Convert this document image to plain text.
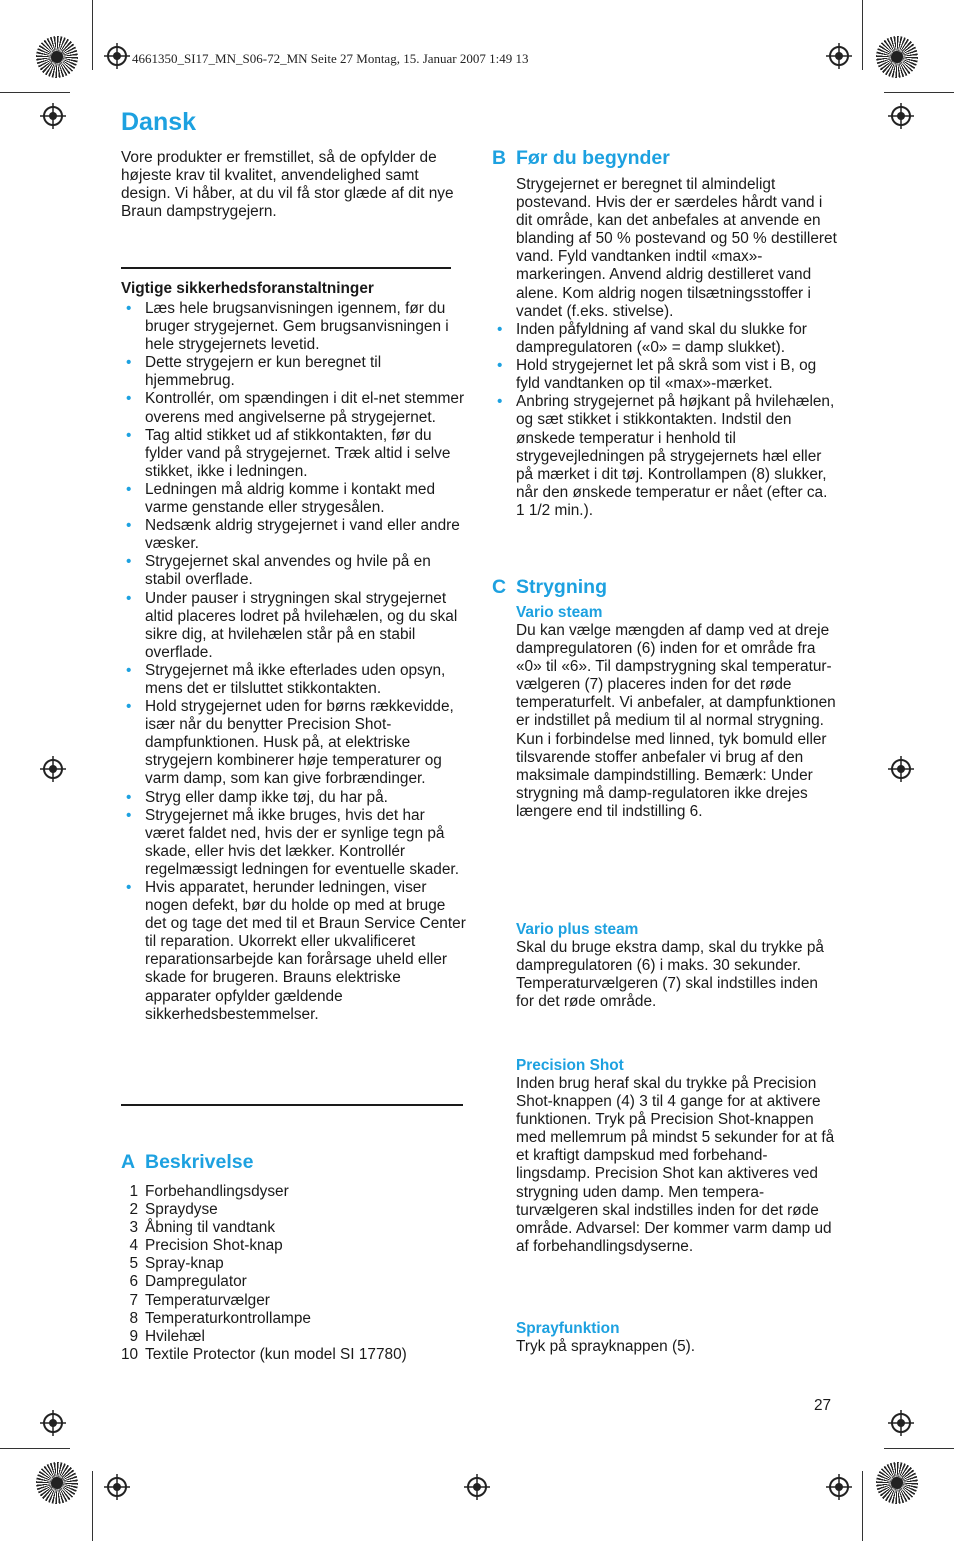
4661350_SI17_MN_S06-72_MN Seite 27 Montag, 15. Januar 2007 1:49 13
Dansk
Vore produkter er fremstillet, så de opfylder de højeste krav til kvalitet, anvendelighed samt design. Vi håber, at du vil få stor glæde af dit nye Braun dampstrygejern.
Vigtige sikkerhedsforanstaltninger
• Læs hele brugsanvisningen igennem, før du bruger strygejernet. Gem brugsanvisningen i hele strygejernets levetid.
• Dette strygejern er kun beregnet til hjemmebrug.
• Kontrollér, om spændingen i dit el-net stemmer overens med angivelserne på strygejernet.
• Tag altid stikket ud af stikkontakten, før du fylder vand på strygejernet. Træk altid i selve stikket, ikke i ledningen.
• Ledningen må aldrig komme i kontakt med varme genstande eller strygesålen.
• Nedsænk aldrig strygejernet i vand eller andre væsker.
• Strygejernet skal anvendes og hvile på en stabil overflade.
• Under pauser i strygningen skal strygejernet altid placeres lodret på hvilehælen, og du skal sikre dig, at hvilehælen står på en stabil overflade.
• Strygejernet må ikke efterlades uden opsyn, mens det er tilsluttet stikkontakten.
• Hold strygejernet uden for børns rækkevidde, især når du benytter Precision Shot-dampfunktionen. Husk på, at elektriske strygejern kombinerer høje temperaturer og varm damp, som kan give forbrændinger.
• Stryg eller damp ikke tøj, du har på.
• Strygejernet må ikke bruges, hvis det har været faldet ned, hvis der er synlige tegn på skade, eller hvis det lækker. Kontrollér regelmæssigt ledningen for eventuelle skader.
• Hvis apparatet, herunder ledningen, viser nogen defekt, bør du holde op med at bruge det og tage det med til et Braun Service Center til reparation. Ukorrekt eller ukvalificeret reparationsarbejde kan forårsage uheld eller skade for brugeren. Brauns elektriske apparater opfylder gældende sikkerhedsbestemmelser.
A Beskrivelse
1 Forbehandlingsdyser
2 Spraydyse
3 Åbning til vandtank
4 Precision Shot-knap
5 Spray-knap
6 Dampregulator
7 Temperaturvælger
8 Temperaturkontrollampe
9 Hvilehæl
10 Textile Protector (kun model SI 17780)
B Før du begynder
Strygejernet er beregnet til almindeligt postevand. Hvis der er særdeles hårdt vand i dit område, kan det anbefales at anvende en blanding af 50 % postevand og 50 % destilleret vand. Fyld vandtanken indtil «max»-markeringen. Anvend aldrig destilleret vand alene. Kom aldrig nogen tilsætningsstoffer i vandet (f.eks. stivelse).
• Inden påfyldning af vand skal du slukke for dampregulatoren («0» = damp slukket).
• Hold strygejernet let på skrå som vist i B, og fyld vandtanken op til «max»-mærket.
• Anbring strygejernet på højkant på hvilehælen, og sæt stikket i stikkontakten. Indstil den ønskede temperatur i henhold til strygevejledningen på strygejernets hæl eller på mærket i dit tøj. Kontrollampen (8) slukker, når den ønskede temperatur er nået (efter ca. 1 1/2 min.).
C Strygning
Vario steam
Du kan vælge mængden af damp ved at dreje dampregulatoren (6) inden for et område fra «0» til «6». Til dampstrygning skal temperatur-vælgeren (7) placeres inden for det røde temperaturfelt. Vi anbefaler, at dampfunktionen er indstillet på medium til al normal strygning. Kun i forbindelse med linned, tyk bomuld eller tilsvarende stoffer anbefaler vi brug af den maksimale dampindstilling. Bemærk: Under strygning må damp-regulatoren ikke drejes længere end til indstilling 6.
Vario plus steam
Skal du bruge ekstra damp, skal du trykke på dampregulatoren (6) i maks. 30 sekunder. Temperaturvælgeren (7) skal indstilles inden for det røde område.
Precision Shot
Inden brug heraf skal du trykke på Precision Shot-knappen (4) 3 til 4 gange for at aktivere funktionen. Tryk på Precision Shot-knappen med mellemrum på mindst 5 sekunder for at få et kraftigt dampskud med forbehand-lingsdamp. Precision Shot kan aktiveres ved strygning uden damp. Men tempera-turvælgeren skal indstilles inden for det røde område. Advarsel: Der kommer varm damp ud af forbehandlingsdyserne.
Sprayfunktion
Tryk på sprayknappen (5).
27
